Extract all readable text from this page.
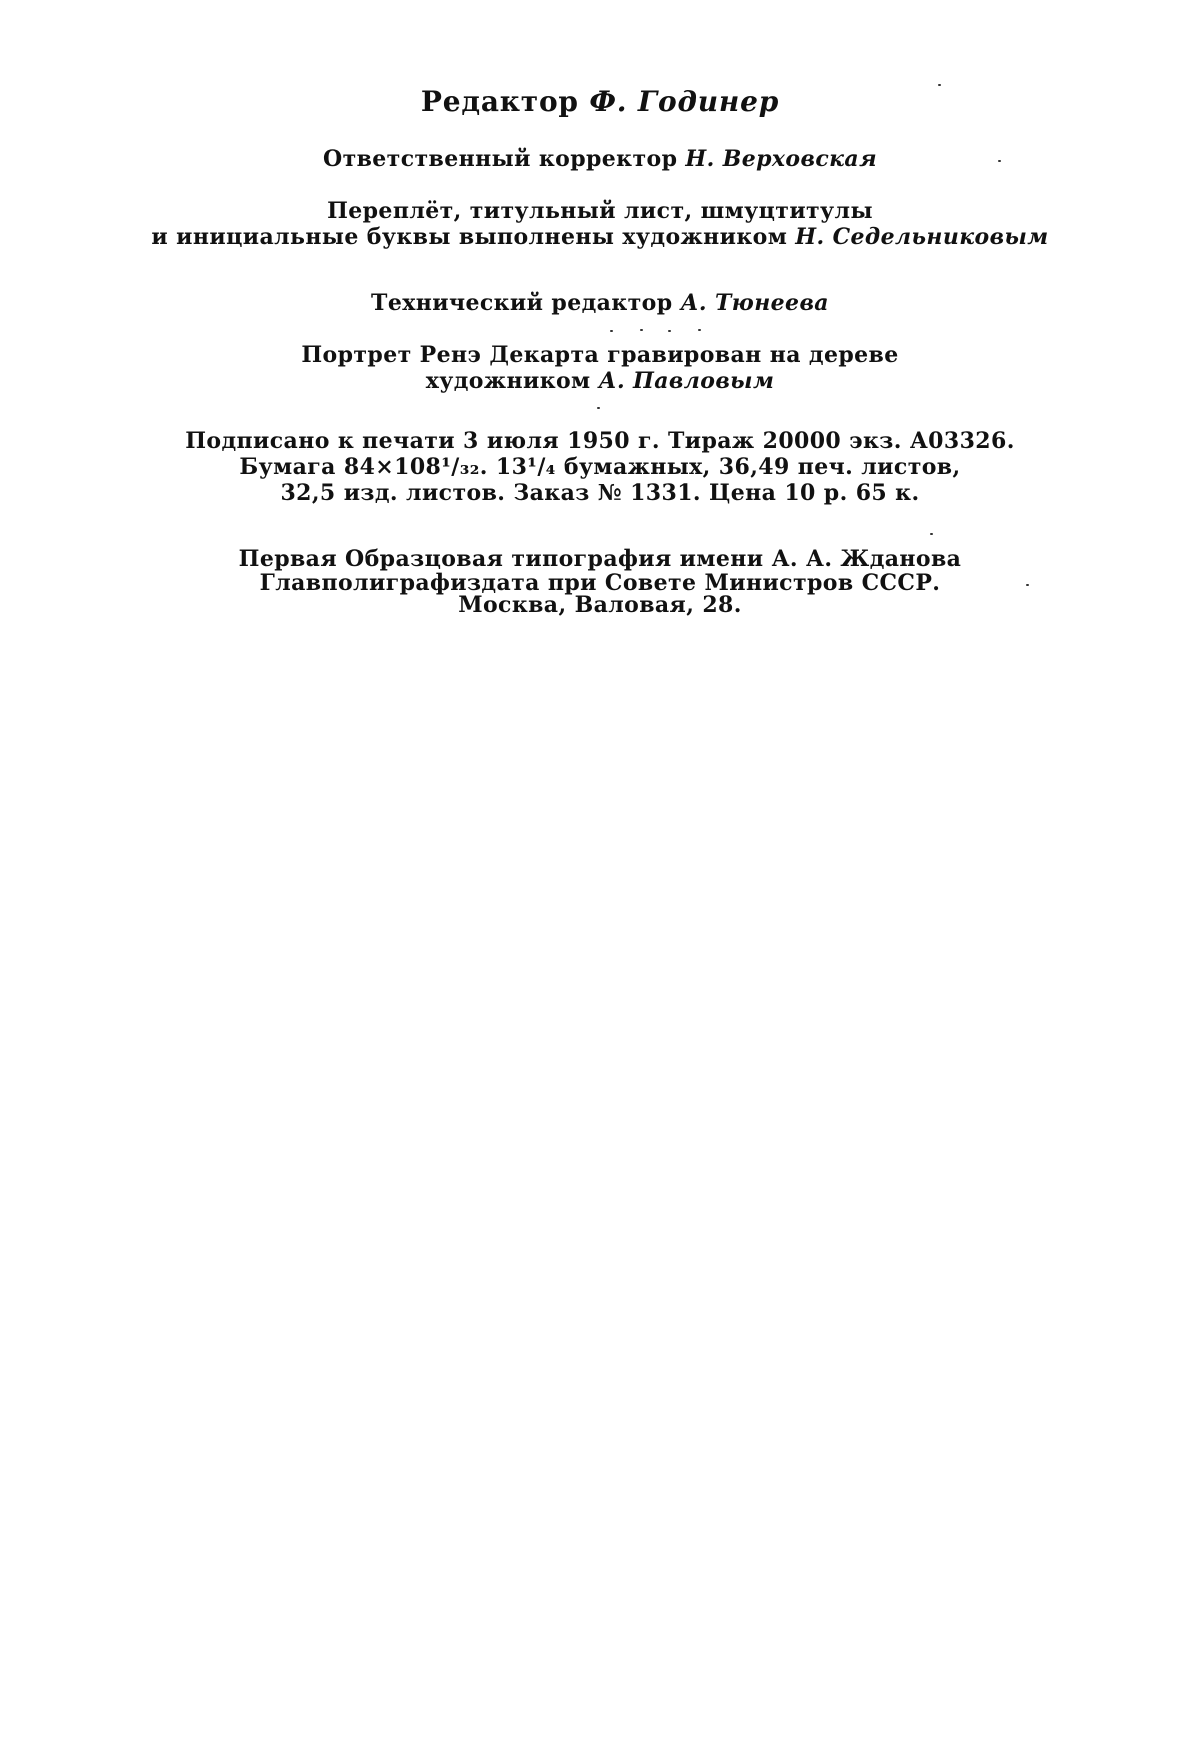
Редактор Ф. Годинер
Ответственный корректор Н. Верховская
Переплёт, титульный лист, шмуцтитулы
и инициальные буквы выполнены художником Н. Седельниковым
Технический редактор А. Тюнеева
Портрет Ренэ Декарта гравирован на дереве
художником А. Павловым
Подписано к печати 3 июля 1950 г. Тираж 20000 экз. А03326.
Бумага 84×108¹/₃₂. 13¹/₄ бумажных, 36,49 печ. листов,
32,5 изд. листов. Заказ № 1331. Цена 10 р. 65 к.
Первая Образцовая типография имени А. А. Жданова
Главполиграфиздата при Совете Министров СССР.
Москва, Валовая, 28.
